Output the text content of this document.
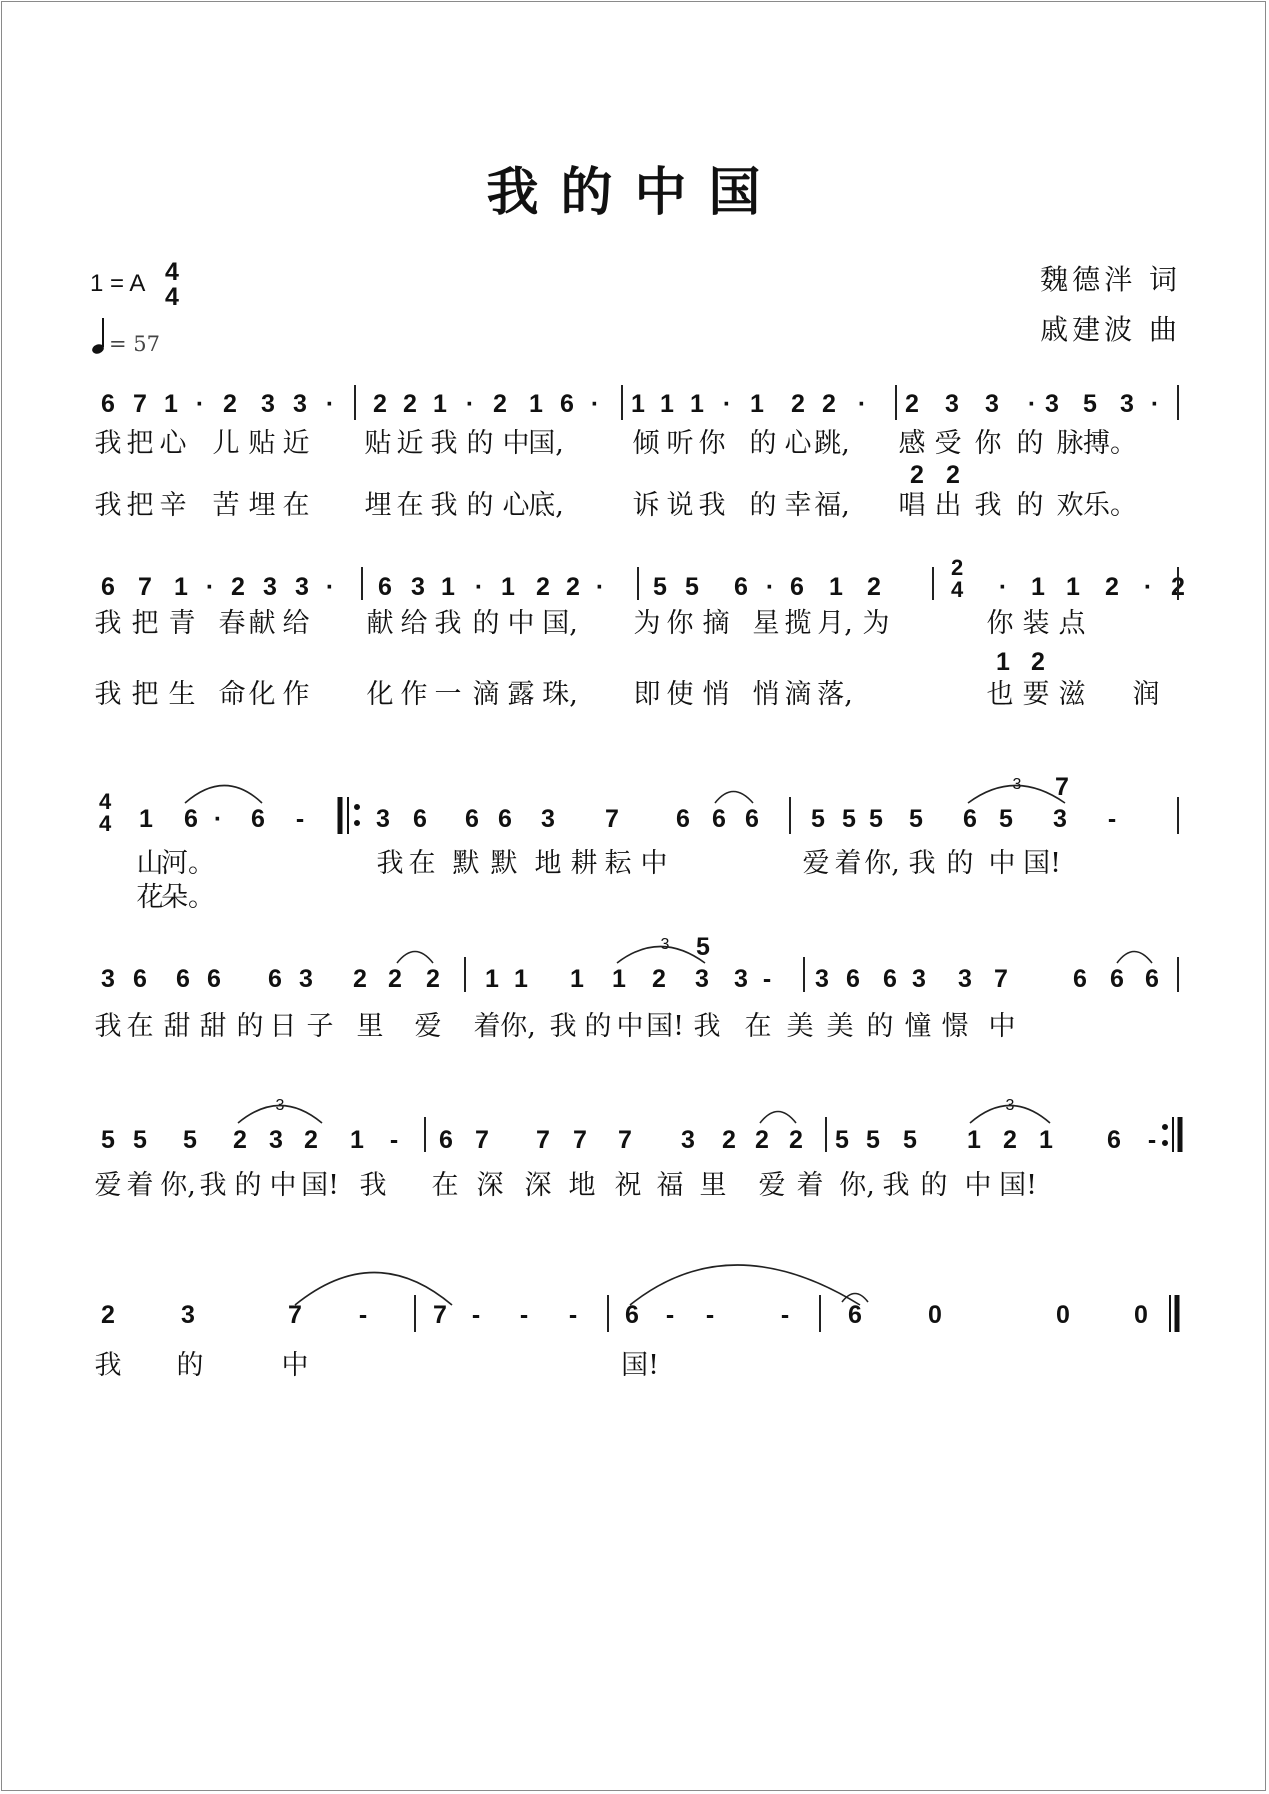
我的中国
1 = A 4
4
= 57
魏德泮 词
戚建波 曲
6 7 1 · 2 3 3 · 2 2 1 · 2 1 6 · 1 1 1 · 1 2 2 · 2 3 3 · 3 5 3 ·
2 2
我 把 心 儿 贴 近 贴 近 我 的 中
国,	倾 听 你 的 心 跳, 感 受 你 的 脉 搏。
我 把 辛 苦 埋 在 埋 在 我 的 心
底,	诉 说 我 的 幸 福, 唱 出 我 的 欢 乐。
6 7 1 · 2 3 3 · 6 3 1 · 1 2 2 · 5 5 6 · 6 1 2	· 1 1 2 · 2
1 2
我 把 青 春 献 给 献 给 我 的 中 国, 为 你 摘 星 揽 月, 为	你 装 点
我 把 生 命 化 作 化 作 一 滴 露 珠, 即 使 悄 悄 滴 落,	也 要 滋 润
1 6 · 6 -	3 6 6 6 3 7 6 6 6 5 5 5 5 6 5 3 -
7
3
山
河。	我 在 默 默 地 耕 耘 中	爱 着 你, 我 的 中 国!
花
朵。
3 6 6 6 6 3 2 2 2 1 1 1 1 2 3 3 - 3 6 6 3 3 7	6 6 6
5
3
我 在 甜 甜 的 日 子 里 爱 着 你, 我 的 中 国! 我 在 美 美 的 憧 憬 中
5 5 5 2 3 2 1 - 6 7 7 7 7 3 2 2 2 5 5 5 1 2 1 6 -
3	3
爱 着 你, 我 的 中 国! 我 在 深 深 地 祝 福 里 爱 着 你, 我 的 中 国!
2	3	7 -	7 - - - 6 - -	- 6	0	0	0
我 的	中	国!
2
4
4
4
